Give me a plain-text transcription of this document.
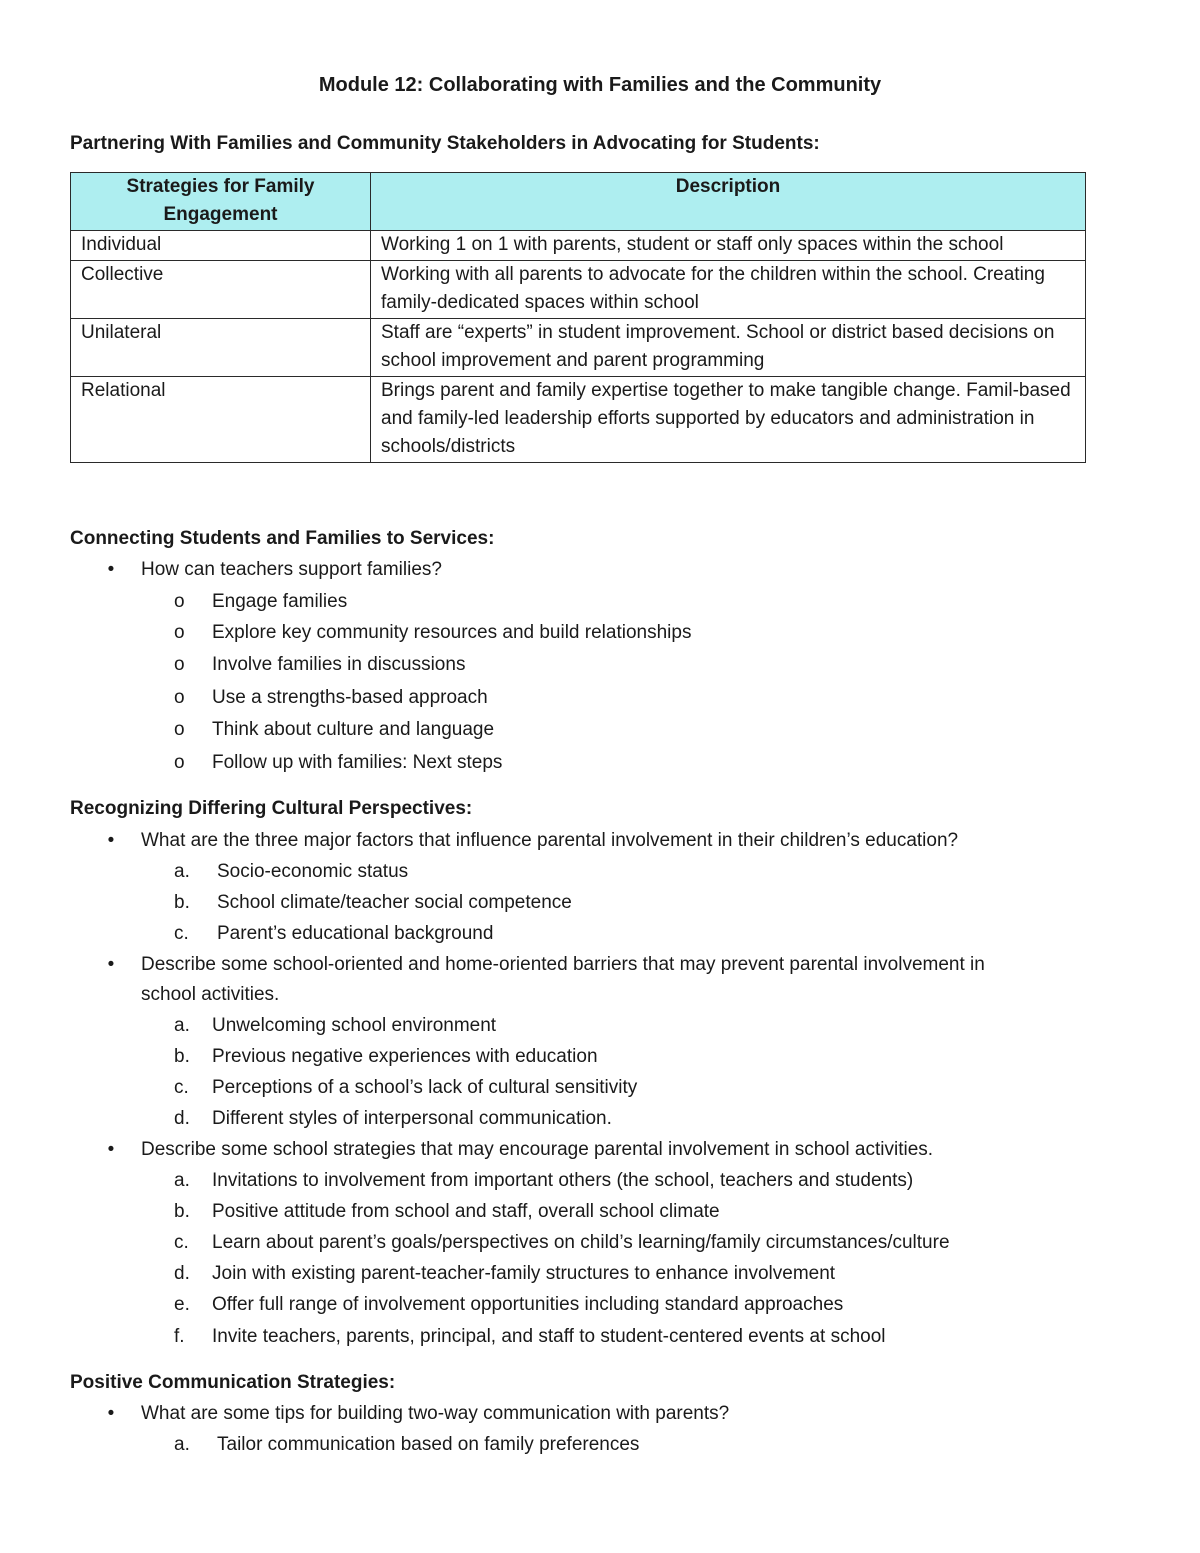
Module 12: Collaborating with Families and the Community
Partnering With Families and Community Stakeholders in Advocating for Students:
Strategies for Family Engagement	Description
Individual	Working 1 on 1 with parents, student or staff only spaces within the school
Collective	Working with all parents to advocate for the children within the school. Creating family-dedicated spaces within school
Unilateral	Staff are “experts” in student improvement. School or district based decisions on school improvement and parent programming
Relational	Brings parent and family expertise together to make tangible change. Famil-based and family-led leadership efforts supported by educators and administration in schools/districts
Connecting Students and Families to Services:
• How can teachers support families?
o Engage families
o Explore key community resources and build relationships
o Involve families in discussions
o Use a strengths-based approach
o Think about culture and language
o Follow up with families: Next steps
Recognizing Differing Cultural Perspectives:
• What are the three major factors that influence parental involvement in their children’s education?
a. Socio-economic status
b. School climate/teacher social competence
c. Parent’s educational background
• Describe some school-oriented and home-oriented barriers that may prevent parental involvement in
school activities.
a. Unwelcoming school environment
b. Previous negative experiences with education
c. Perceptions of a school’s lack of cultural sensitivity
d. Different styles of interpersonal communication.
• Describe some school strategies that may encourage parental involvement in school activities.
a. Invitations to involvement from important others (the school, teachers and students)
b. Positive attitude from school and staff, overall school climate
c. Learn about parent’s goals/perspectives on child’s learning/family circumstances/culture
d. Join with existing parent-teacher-family structures to enhance involvement
e. Offer full range of involvement opportunities including standard approaches
f. Invite teachers, parents, principal, and staff to student-centered events at school
Positive Communication Strategies:
• What are some tips for building two-way communication with parents?
a. Tailor communication based on family preferences
